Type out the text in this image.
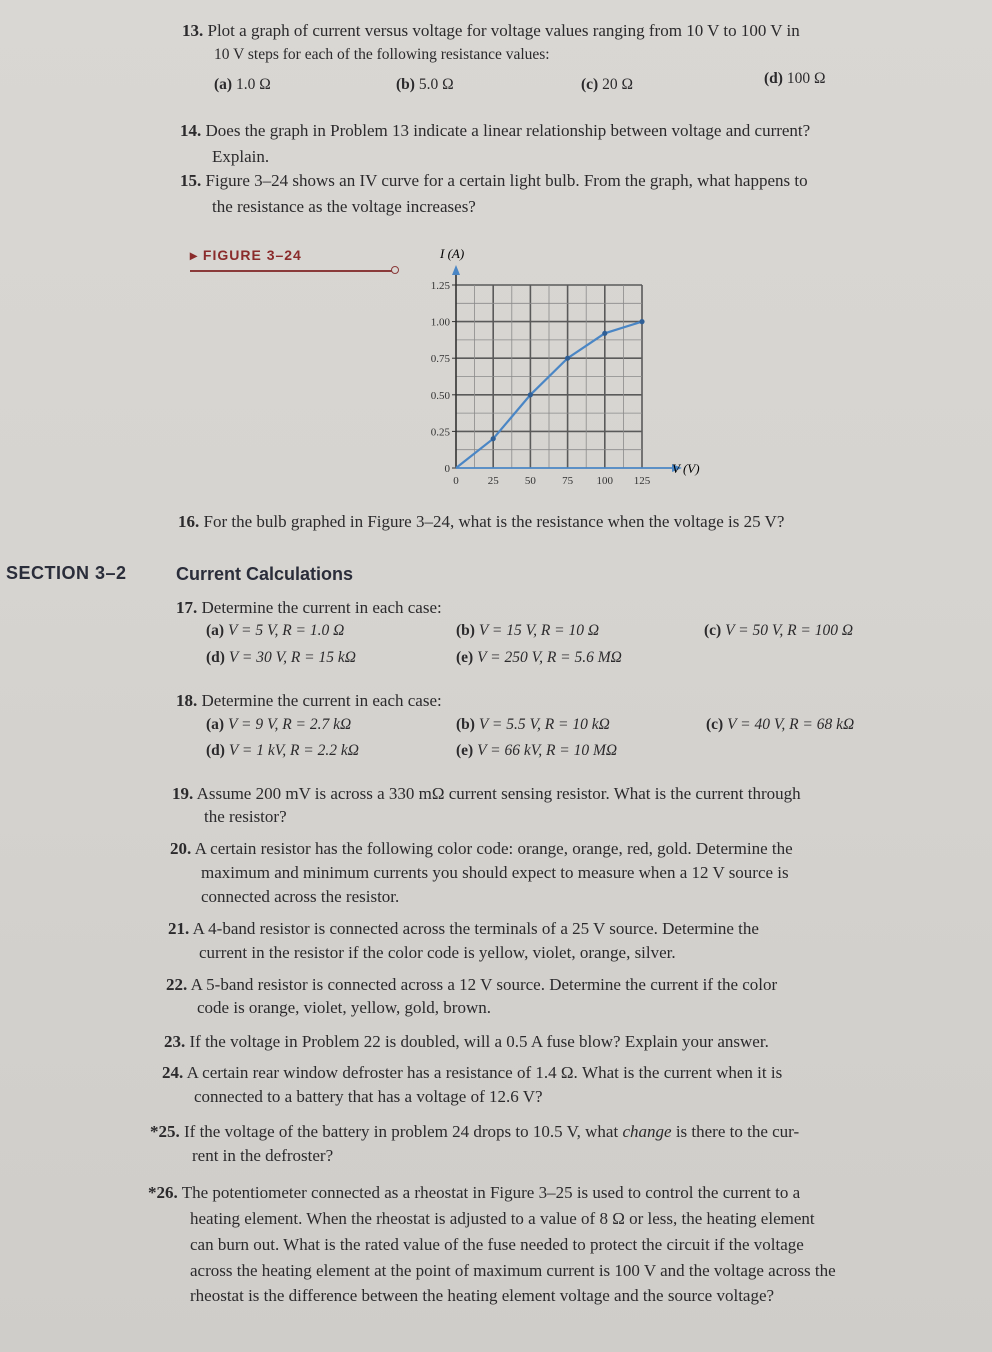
13. Plot a graph of current versus voltage for voltage values ranging from 10 V to 100 V in
10 V steps for each of the following resistance values:
(a) 1.0 Ω	(b) 5.0 Ω	(c) 20 Ω	(d) 100 Ω
14. Does the graph in Problem 13 indicate a linear relationship between voltage and current?
Explain.
15. Figure 3–24 shows an IV curve for a certain light bulb. From the graph, what happens to
the resistance as the voltage increases?
▸ FIGURE 3–24
0
0.25
0.50
0.75
1.00
1.25
0	25 50 75 100 125
I (A)
V (V)
16. For the bulb graphed in Figure 3–24, what is the resistance when the voltage is 25 V?
SECTION 3–2	Current Calculations
17. Determine the current in each case:
(a) V = 5 V, R = 1.0 Ω	(b) V = 15 V, R = 10 Ω	(c) V = 50 V, R = 100 Ω
(d) V = 30 V, R = 15 kΩ	(e) V = 250 V, R = 5.6 MΩ
18. Determine the current in each case:
(a) V = 9 V, R = 2.7 kΩ	(b) V = 5.5 V, R = 10 kΩ	(c) V = 40 V, R = 68 kΩ
(d) V = 1 kV, R = 2.2 kΩ	(e) V = 66 kV, R = 10 MΩ
19. Assume 200 mV is across a 330 mΩ current sensing resistor. What is the current through
the resistor?
20. A certain resistor has the following color code: orange, orange, red, gold. Determine the
maximum and minimum currents you should expect to measure when a 12 V source is
connected across the resistor.
21. A 4-band resistor is connected across the terminals of a 25 V source. Determine the
current in the resistor if the color code is yellow, violet, orange, silver.
22. A 5-band resistor is connected across a 12 V source. Determine the current if the color
code is orange, violet, yellow, gold, brown.
23. If the voltage in Problem 22 is doubled, will a 0.5 A fuse blow? Explain your answer.
24. A certain rear window defroster has a resistance of 1.4 Ω. What is the current when it is
connected to a battery that has a voltage of 12.6 V?
*25. If the voltage of the battery in problem 24 drops to 10.5 V, what change is there to the cur-
rent in the defroster?
*26. The potentiometer connected as a rheostat in Figure 3–25 is used to control the current to a
heating element. When the rheostat is adjusted to a value of 8 Ω or less, the heating element
can burn out. What is the rated value of the fuse needed to protect the circuit if the voltage
across the heating element at the point of maximum current is 100 V and the voltage across the
rheostat is the difference between the heating element voltage and the source voltage?
